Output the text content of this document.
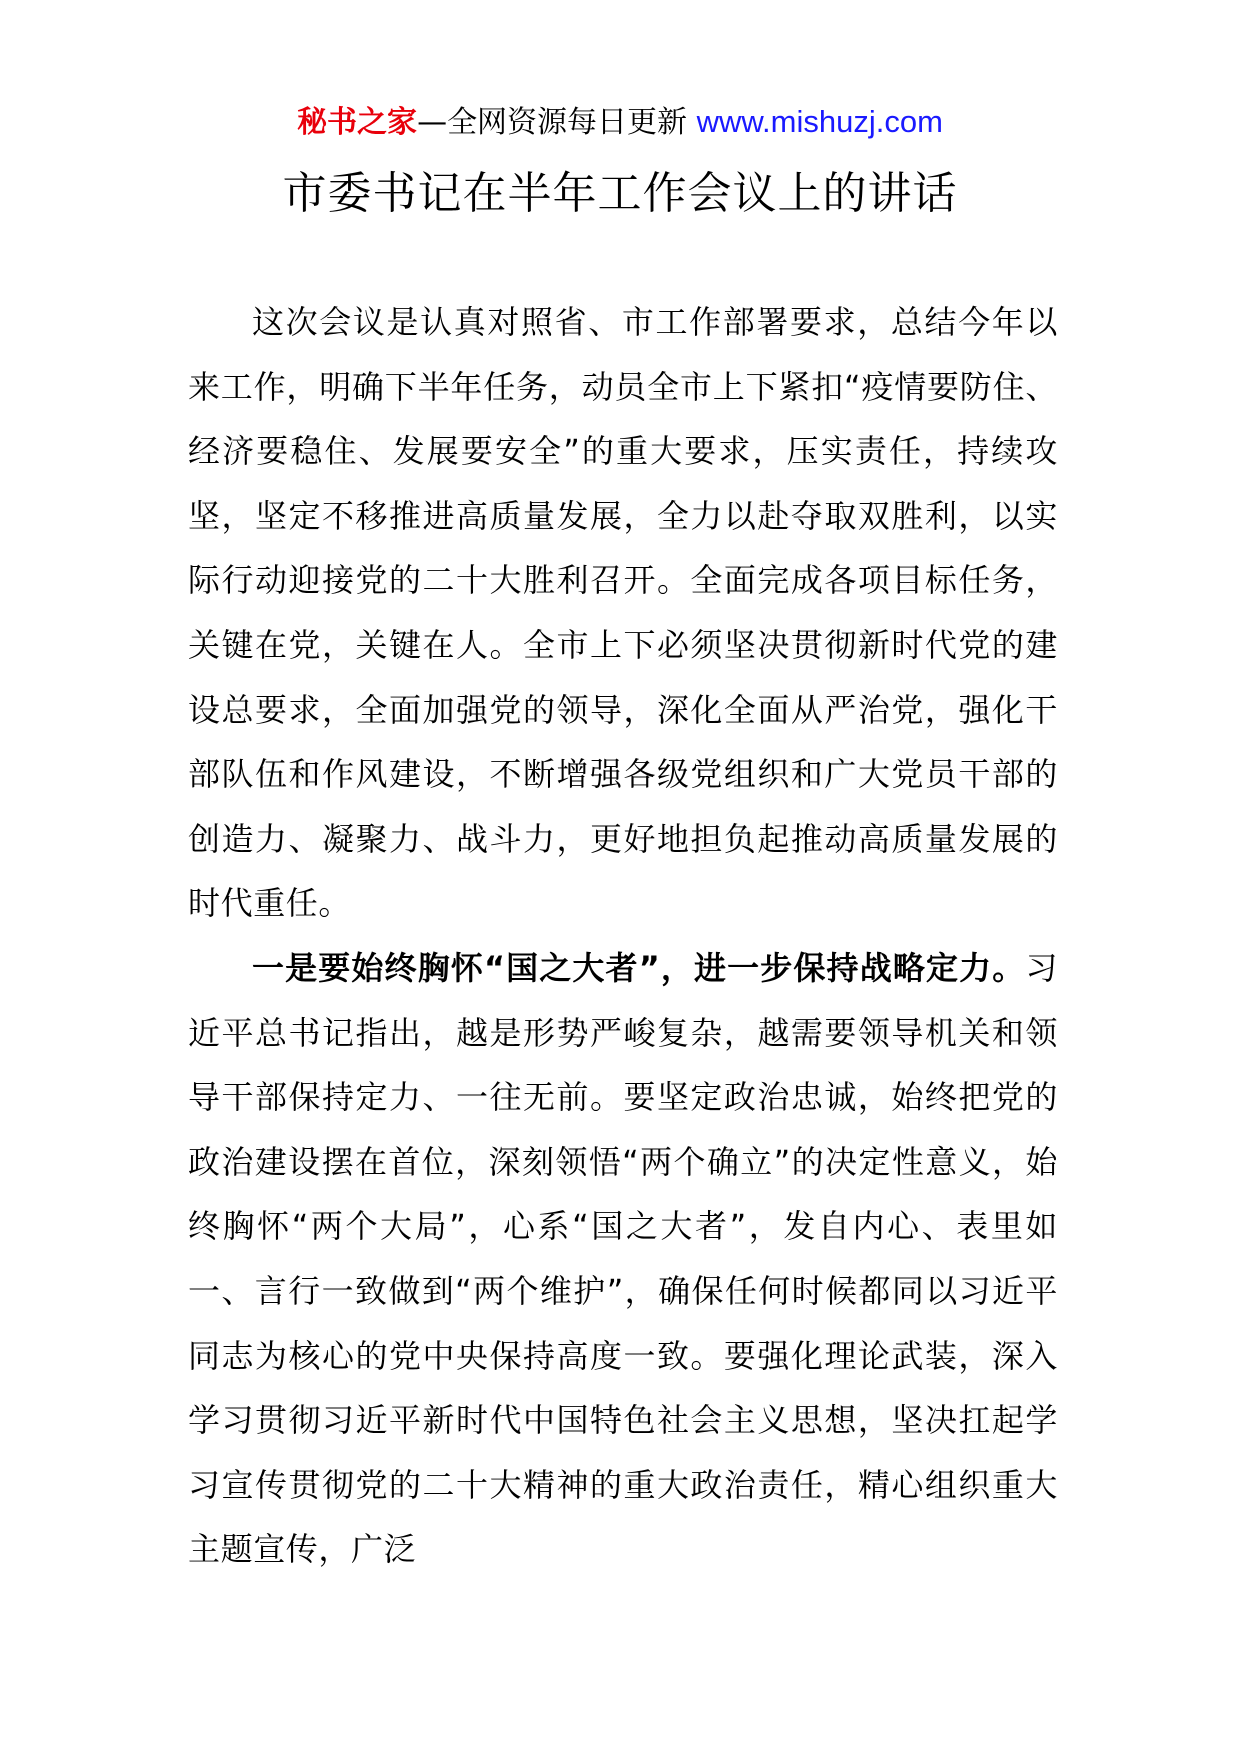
秘书之家—全网资源每日更新 www.mishuzj.com
市委书记在半年工作会议上的讲话

这次会议是认真对照省、市工作部署要求，总结今年以来工作，明确下半年任务，动员全市上下紧扣“疫情要防住、经济要稳住、发展要安全”的重大要求，压实责任，持续攻坚，坚定不移推进高质量发展，全力以赴夺取双胜利，以实际行动迎接党的二十大胜利召开。全面完成各项目标任务，关键在党，关键在人。全市上下必须坚决贯彻新时代党的建设总要求，全面加强党的领导，深化全面从严治党，强化干部队伍和作风建设，不断增强各级党组织和广大党员干部的创造力、凝聚力、战斗力，更好地担负起推动高质量发展的时代重任。

一是要始终胸怀“国之大者”，进一步保持战略定力。习近平总书记指出，越是形势严峻复杂，越需要领导机关和领导干部保持定力、一往无前。要坚定政治忠诚，始终把党的政治建设摆在首位，深刻领悟“两个确立”的决定性意义，始终胸怀“两个大局”，心系“国之大者”，发自内心、表里如一、言行一致做到“两个维护”，确保任何时候都同以习近平同志为核心的党中央保持高度一致。要强化理论武装，深入学习贯彻习近平新时代中国特色社会主义思想，坚决扛起学习宣传贯彻党的二十大精神的重大政治责任，精心组织重大主题宣传，广泛
